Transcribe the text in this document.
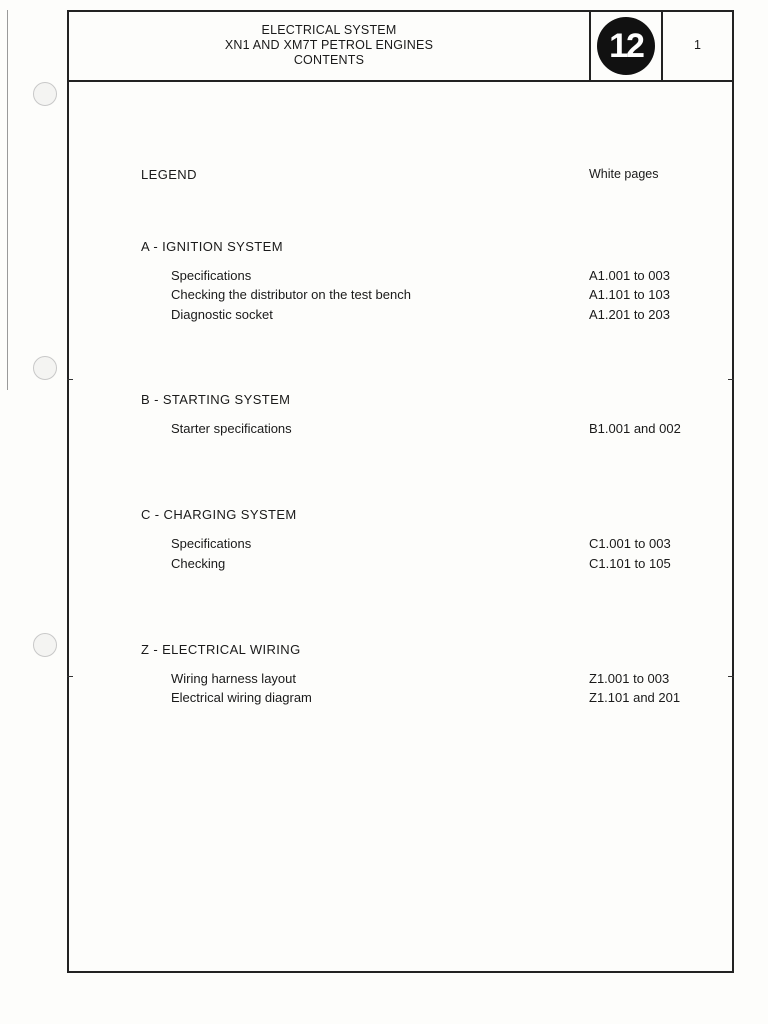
ELECTRICAL SYSTEM
XN1 AND XM7T PETROL ENGINES
CONTENTS	12	1
LEGEND	White pages
A - IGNITION SYSTEM
Specifications	A1.001 to 003
Checking the distributor on the test bench	A1.101 to 103
Diagnostic socket	A1.201 to 203
B - STARTING SYSTEM
Starter specifications	B1.001 and 002
C - CHARGING SYSTEM
Specifications	C1.001 to 003
Checking	C1.101 to 105
Z - ELECTRICAL WIRING
Wiring harness layout	Z1.001 to 003
Electrical wiring diagram	Z1.101 and 201
